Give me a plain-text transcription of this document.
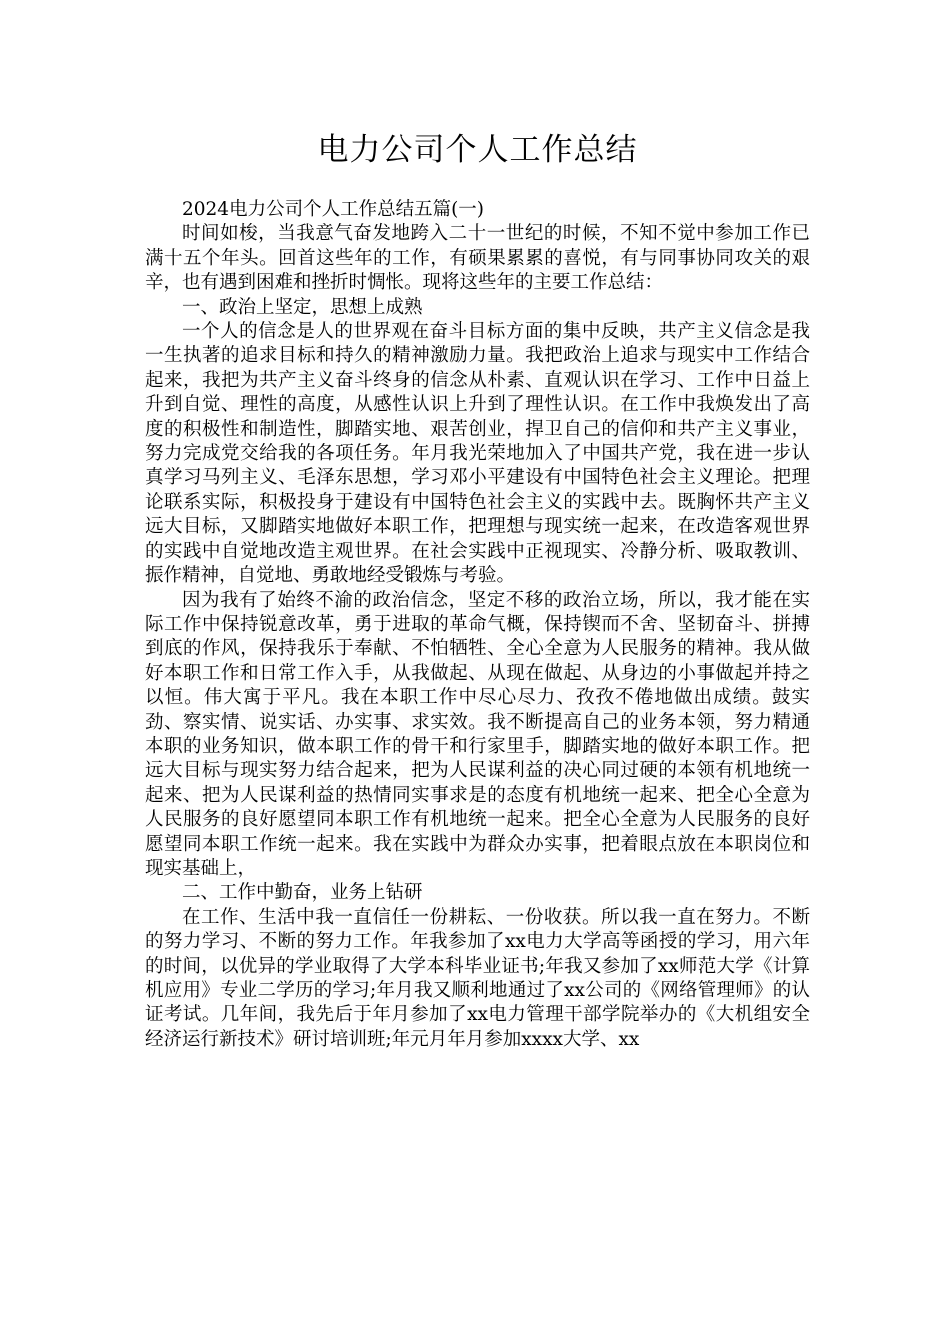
电力公司个人工作总结

2024电力公司个人工作总结五篇(一)

时间如梭，当我意气奋发地跨入二十一世纪的时候，不知不觉中参加工作已满十五个年头。回首这些年的工作，有硕果累累的喜悦，有与同事协同攻关的艰辛，也有遇到困难和挫折时惆怅。现将这些年的主要工作总结：

一、政治上坚定，思想上成熟

一个人的信念是人的世界观在奋斗目标方面的集中反映，共产主义信念是我一生执著的追求目标和持久的精神激励力量。我把政治上追求与现实中工作结合起来，我把为共产主义奋斗终身的信念从朴素、直观认识在学习、工作中日益上升到自觉、理性的高度，从感性认识上升到了理性认识。在工作中我焕发出了高度的积极性和制造性，脚踏实地、艰苦创业，捍卫自己的信仰和共产主义事业，努力完成党交给我的各项任务。年月我光荣地加入了中国共产党，我在进一步认真学习马列主义、毛泽东思想，学习邓小平建设有中国特色社会主义理论。把理论联系实际，积极投身于建设有中国特色社会主义的实践中去。既胸怀共产主义远大目标，又脚踏实地做好本职工作，把理想与现实统一起来，在改造客观世界的实践中自觉地改造主观世界。在社会实践中正视现实、冷静分析、吸取教训、振作精神，自觉地、勇敢地经受锻炼与考验。

因为我有了始终不渝的政治信念，坚定不移的政治立场，所以，我才能在实际工作中保持锐意改革，勇于进取的革命气概，保持锲而不舍、坚韧奋斗、拼搏到底的作风，保持我乐于奉献、不怕牺牲、全心全意为人民服务的精神。我从做好本职工作和日常工作入手，从我做起、从现在做起、从身边的小事做起并持之以恒。伟大寓于平凡。我在本职工作中尽心尽力、孜孜不倦地做出成绩。鼓实劲、察实情、说实话、办实事、求实效。我不断提高自己的业务本领，努力精通本职的业务知识，做本职工作的骨干和行家里手，脚踏实地的做好本职工作。把远大目标与现实努力结合起来，把为人民谋利益的决心同过硬的本领有机地统一起来、把为人民谋利益的热情同实事求是的态度有机地统一起来、把全心全意为人民服务的良好愿望同本职工作有机地统一起来。把全心全意为人民服务的良好愿望同本职工作统一起来。我在实践中为群众办实事，把着眼点放在本职岗位和现实基础上，

二、工作中勤奋，业务上钻研

在工作、生活中我一直信任一份耕耘、一份收获。所以我一直在努力。不断的努力学习、不断的努力工作。年我参加了xx电力大学高等函授的学习，用六年的时间，以优异的学业取得了大学本科毕业证书;年我又参加了xx师范大学《计算机应用》专业二学历的学习;年月我又顺利地通过了xx公司的《网络管理师》的认证考试。几年间，我先后于年月参加了xx电力管理干部学院举办的《大机组安全经济运行新技术》研讨培训班;年元月年月参加xxxx大学、xx
